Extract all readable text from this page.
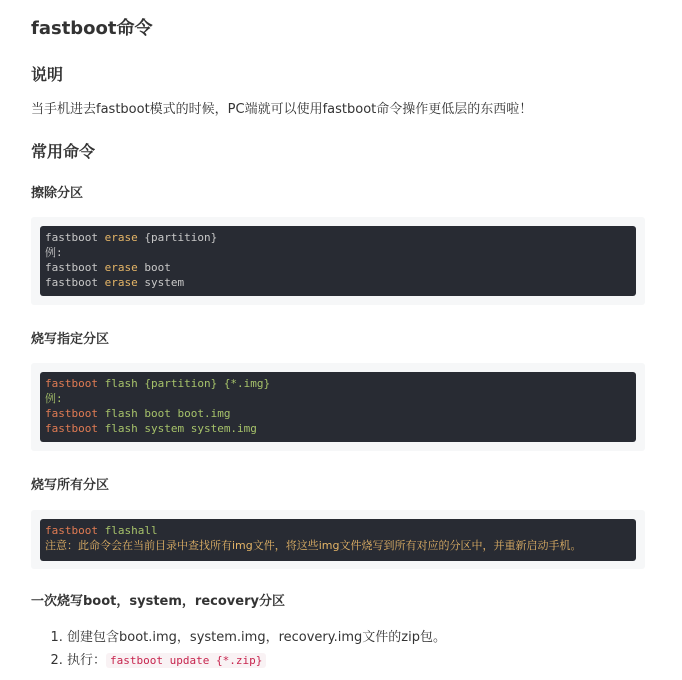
fastboot命令
说明
当手机进去fastboot模式的时候，PC端就可以使用fastboot命令操作更低层的东西啦！
常用命令
擦除分区
fastboot erase {partition}
例:
fastboot erase boot
fastboot erase system
烧写指定分区
fastboot flash {partition} {*.img}
例:
fastboot flash boot boot.img
fastboot flash system system.img
烧写所有分区
fastboot flashall
注意：此命令会在当前目录中查找所有img文件，将这些img文件烧写到所有对应的分区中，并重新启动手机。
一次烧写boot，system，recovery分区
1. 创建包含boot.img，system.img，recovery.img文件的zip包。
2. 执行： fastboot update {*.zip}
